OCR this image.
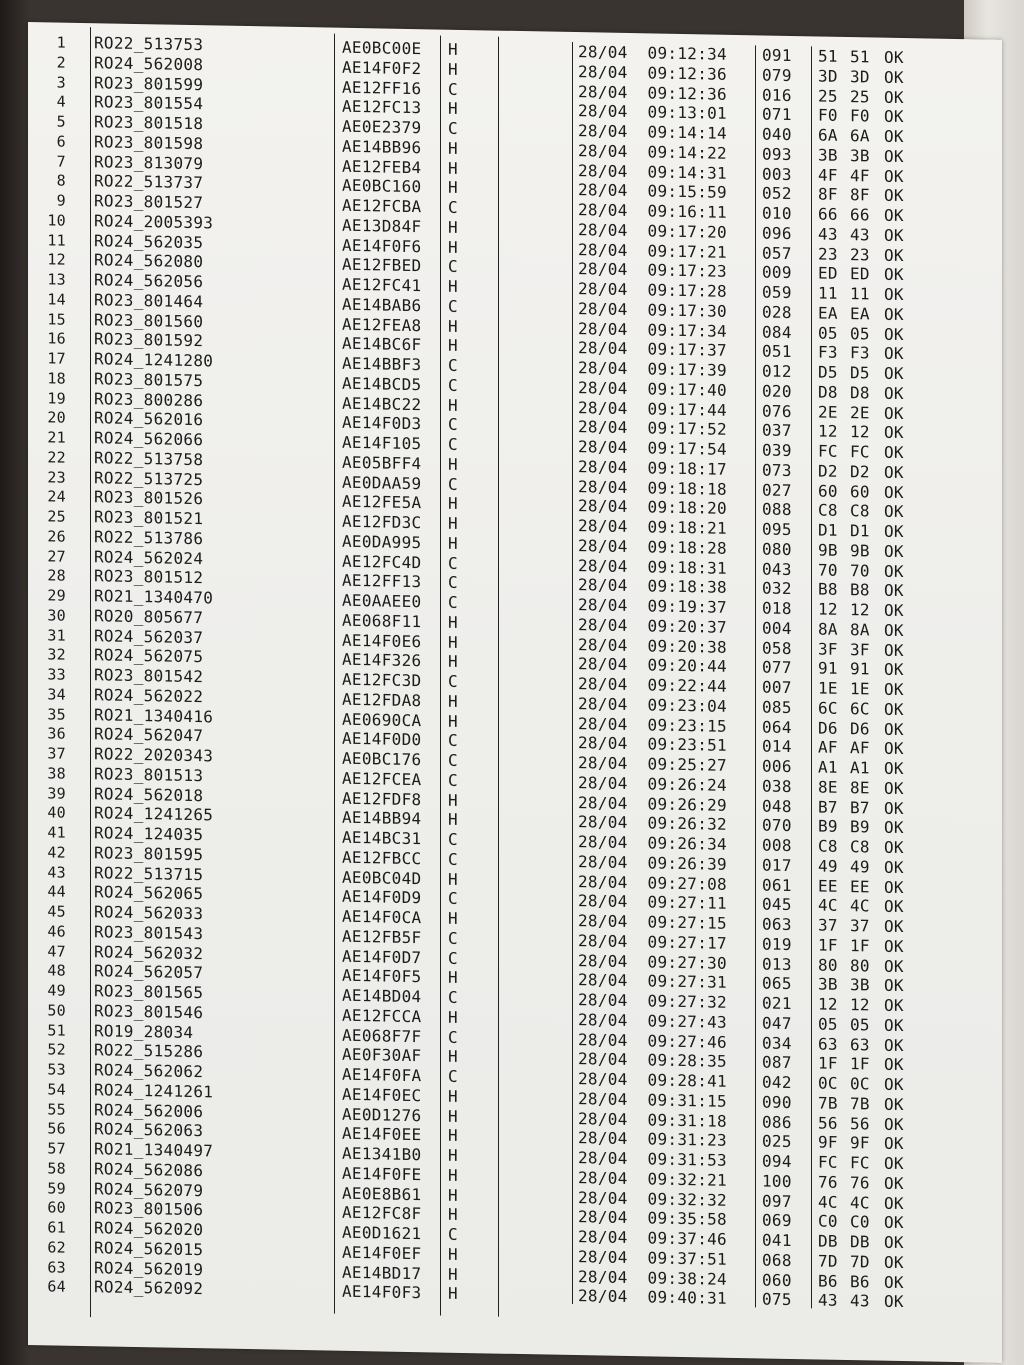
1 RO22_513753	AE0BC00E H	28/04  09:12:34 091 51 51 OK
2 RO24_562008	AE14F0F2 H	28/04  09:12:36 079 3D 3D OK
3 RO23_801599	AE12FF16 C	28/04  09:12:36 016 25 25 OK
4 RO23_801554	AE12FC13 H	28/04  09:13:01 071 F0 F0 OK
5 RO23_801518	AE0E2379 C	28/04  09:14:14 040 6A 6A OK
6 RO23_801598	AE14BB96 H	28/04  09:14:22 093 3B 3B OK
7 RO23_813079	AE12FEB4 H	28/04  09:14:31 003 4F 4F OK
8 RO22_513737	AE0BC160 H	28/04  09:15:59 052 8F 8F OK
9 RO23_801527	AE12FCBA C	28/04  09:16:11 010 66 66 OK
10 RO24_2005393	AE13D84F H	28/04  09:17:20 096 43 43 OK
11 RO24_562035	AE14F0F6 H	28/04  09:17:21 057 23 23 OK
12 RO24_562080	AE12FBED C	28/04  09:17:23 009 ED ED OK
13 RO24_562056	AE12FC41 H	28/04  09:17:28 059 11 11 OK
14 RO23_801464	AE14BAB6 C	28/04  09:17:30 028 EA EA OK
15 RO23_801560	AE12FEA8 H	28/04  09:17:34 084 05 05 OK
16 RO23_801592	AE14BC6F H	28/04  09:17:37 051 F3 F3 OK
17 RO24_1241280	AE14BBF3 C	28/04  09:17:39 012 D5 D5 OK
18 RO23_801575	AE14BCD5 C	28/04  09:17:40 020 D8 D8 OK
19 RO23_800286	AE14BC22 H	28/04  09:17:44 076 2E 2E OK
20 RO24_562016	AE14F0D3 C	28/04  09:17:52 037 12 12 OK
21 RO24_562066	AE14F105 C	28/04  09:17:54 039 FC FC OK
22 RO22_513758	AE05BFF4 H	28/04  09:18:17 073 D2 D2 OK
23 RO22_513725	AE0DAA59 C	28/04  09:18:18 027 60 60 OK
24 RO23_801526	AE12FE5A H	28/04  09:18:20 088 C8 C8 OK
25 RO23_801521	AE12FD3C H	28/04  09:18:21 095 D1 D1 OK
26 RO22_513786	AE0DA995 H	28/04  09:18:28 080 9B 9B OK
27 RO24_562024	AE12FC4D C	28/04  09:18:31 043 70 70 OK
28 RO23_801512	AE12FF13 C	28/04  09:18:38 032 B8 B8 OK
29 RO21_1340470	AE0AAEE0 C	28/04  09:19:37 018 12 12 OK
30 RO20_805677	AE068F11 H	28/04  09:20:37 004 8A 8A OK
31 RO24_562037	AE14F0E6 H	28/04  09:20:38 058 3F 3F OK
32 RO24_562075	AE14F326 H	28/04  09:20:44 077 91 91 OK
33 RO23_801542	AE12FC3D C	28/04  09:22:44 007 1E 1E OK
34 RO24_562022	AE12FDA8 H	28/04  09:23:04 085 6C 6C OK
35 RO21_1340416	AE0690CA H	28/04  09:23:15 064 D6 D6 OK
36 RO24_562047	AE14F0D0 C	28/04  09:23:51 014 AF AF OK
37 RO22_2020343	AE0BC176 C	28/04  09:25:27 006 A1 A1 OK
38 RO23_801513	AE12FCEA C	28/04  09:26:24 038 8E 8E OK
39 RO24_562018	AE12FDF8 H	28/04  09:26:29 048 B7 B7 OK
40 RO24_1241265	AE14BB94 H	28/04  09:26:32 070 B9 B9 OK
41 RO24_124035	AE14BC31 C	28/04  09:26:34 008 C8 C8 OK
42 RO23_801595	AE12FBCC C	28/04  09:26:39 017 49 49 OK
43 RO22_513715	AE0BC04D H	28/04  09:27:08 061 EE EE OK
44 RO24_562065	AE14F0D9 C	28/04  09:27:11 045 4C 4C OK
45 RO24_562033	AE14F0CA H	28/04  09:27:15 063 37 37 OK
46 RO23_801543	AE12FB5F C	28/04  09:27:17 019 1F 1F OK
47 RO24_562032	AE14F0D7 C	28/04  09:27:30 013 80 80 OK
48 RO24_562057	AE14F0F5 H	28/04  09:27:31 065 3B 3B OK
49 RO23_801565	AE14BD04 C	28/04  09:27:32 021 12 12 OK
50 RO23_801546	AE12FCCA H	28/04  09:27:43 047 05 05 OK
51 RO19_28034	AE068F7F C	28/04  09:27:46 034 63 63 OK
52 RO22_515286	AE0F30AF H	28/04  09:28:35 087 1F 1F OK
53 RO24_562062	AE14F0FA C	28/04  09:28:41 042 0C 0C OK
54 RO24_1241261	AE14F0EC H	28/04  09:31:15 090 7B 7B OK
55 RO24_562006	AE0D1276 H	28/04  09:31:18 086 56 56 OK
56 RO24_562063	AE14F0EE H	28/04  09:31:23 025 9F 9F OK
57 RO21_1340497	AE1341B0 H	28/04  09:31:53 094 FC FC OK
58 RO24_562086	AE14F0FE H	28/04  09:32:21 100 76 76 OK
59 RO24_562079	AE0E8B61 H	28/04  09:32:32 097 4C 4C OK
60 RO23_801506	AE12FC8F H	28/04  09:35:58 069 C0 C0 OK
61 RO24_562020	AE0D1621 C	28/04  09:37:46 041 DB DB OK
62 RO24_562015	AE14F0EF H	28/04  09:37:51 068 7D 7D OK
63 RO24_562019	AE14BD17 H	28/04  09:38:24 060 B6 B6 OK
64 RO24_562092	AE14F0F3 H	28/04  09:40:31 075 43 43 OK
